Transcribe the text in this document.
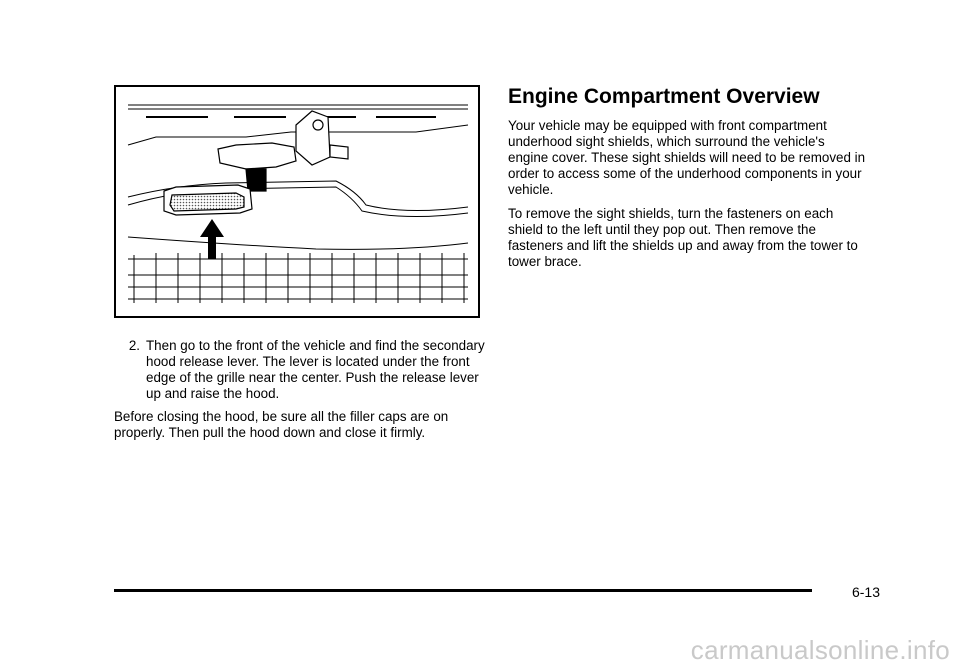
2. Then go to the front of the vehicle and find the secondary hood release lever. The lever is located under the front edge of the grille near the center. Push the release lever up and raise the hood.

Before closing the hood, be sure all the filler caps are on properly. Then pull the hood down and close it firmly.

Engine Compartment Overview

Your vehicle may be equipped with front compartment underhood sight shields, which surround the vehicle's engine cover. These sight shields will need to be removed in order to access some of the underhood components in your vehicle.

To remove the sight shields, turn the fasteners on each shield to the left until they pop out. Then remove the fasteners and lift the shields up and away from the tower to tower brace.

6-13
carmanualsonline.info
